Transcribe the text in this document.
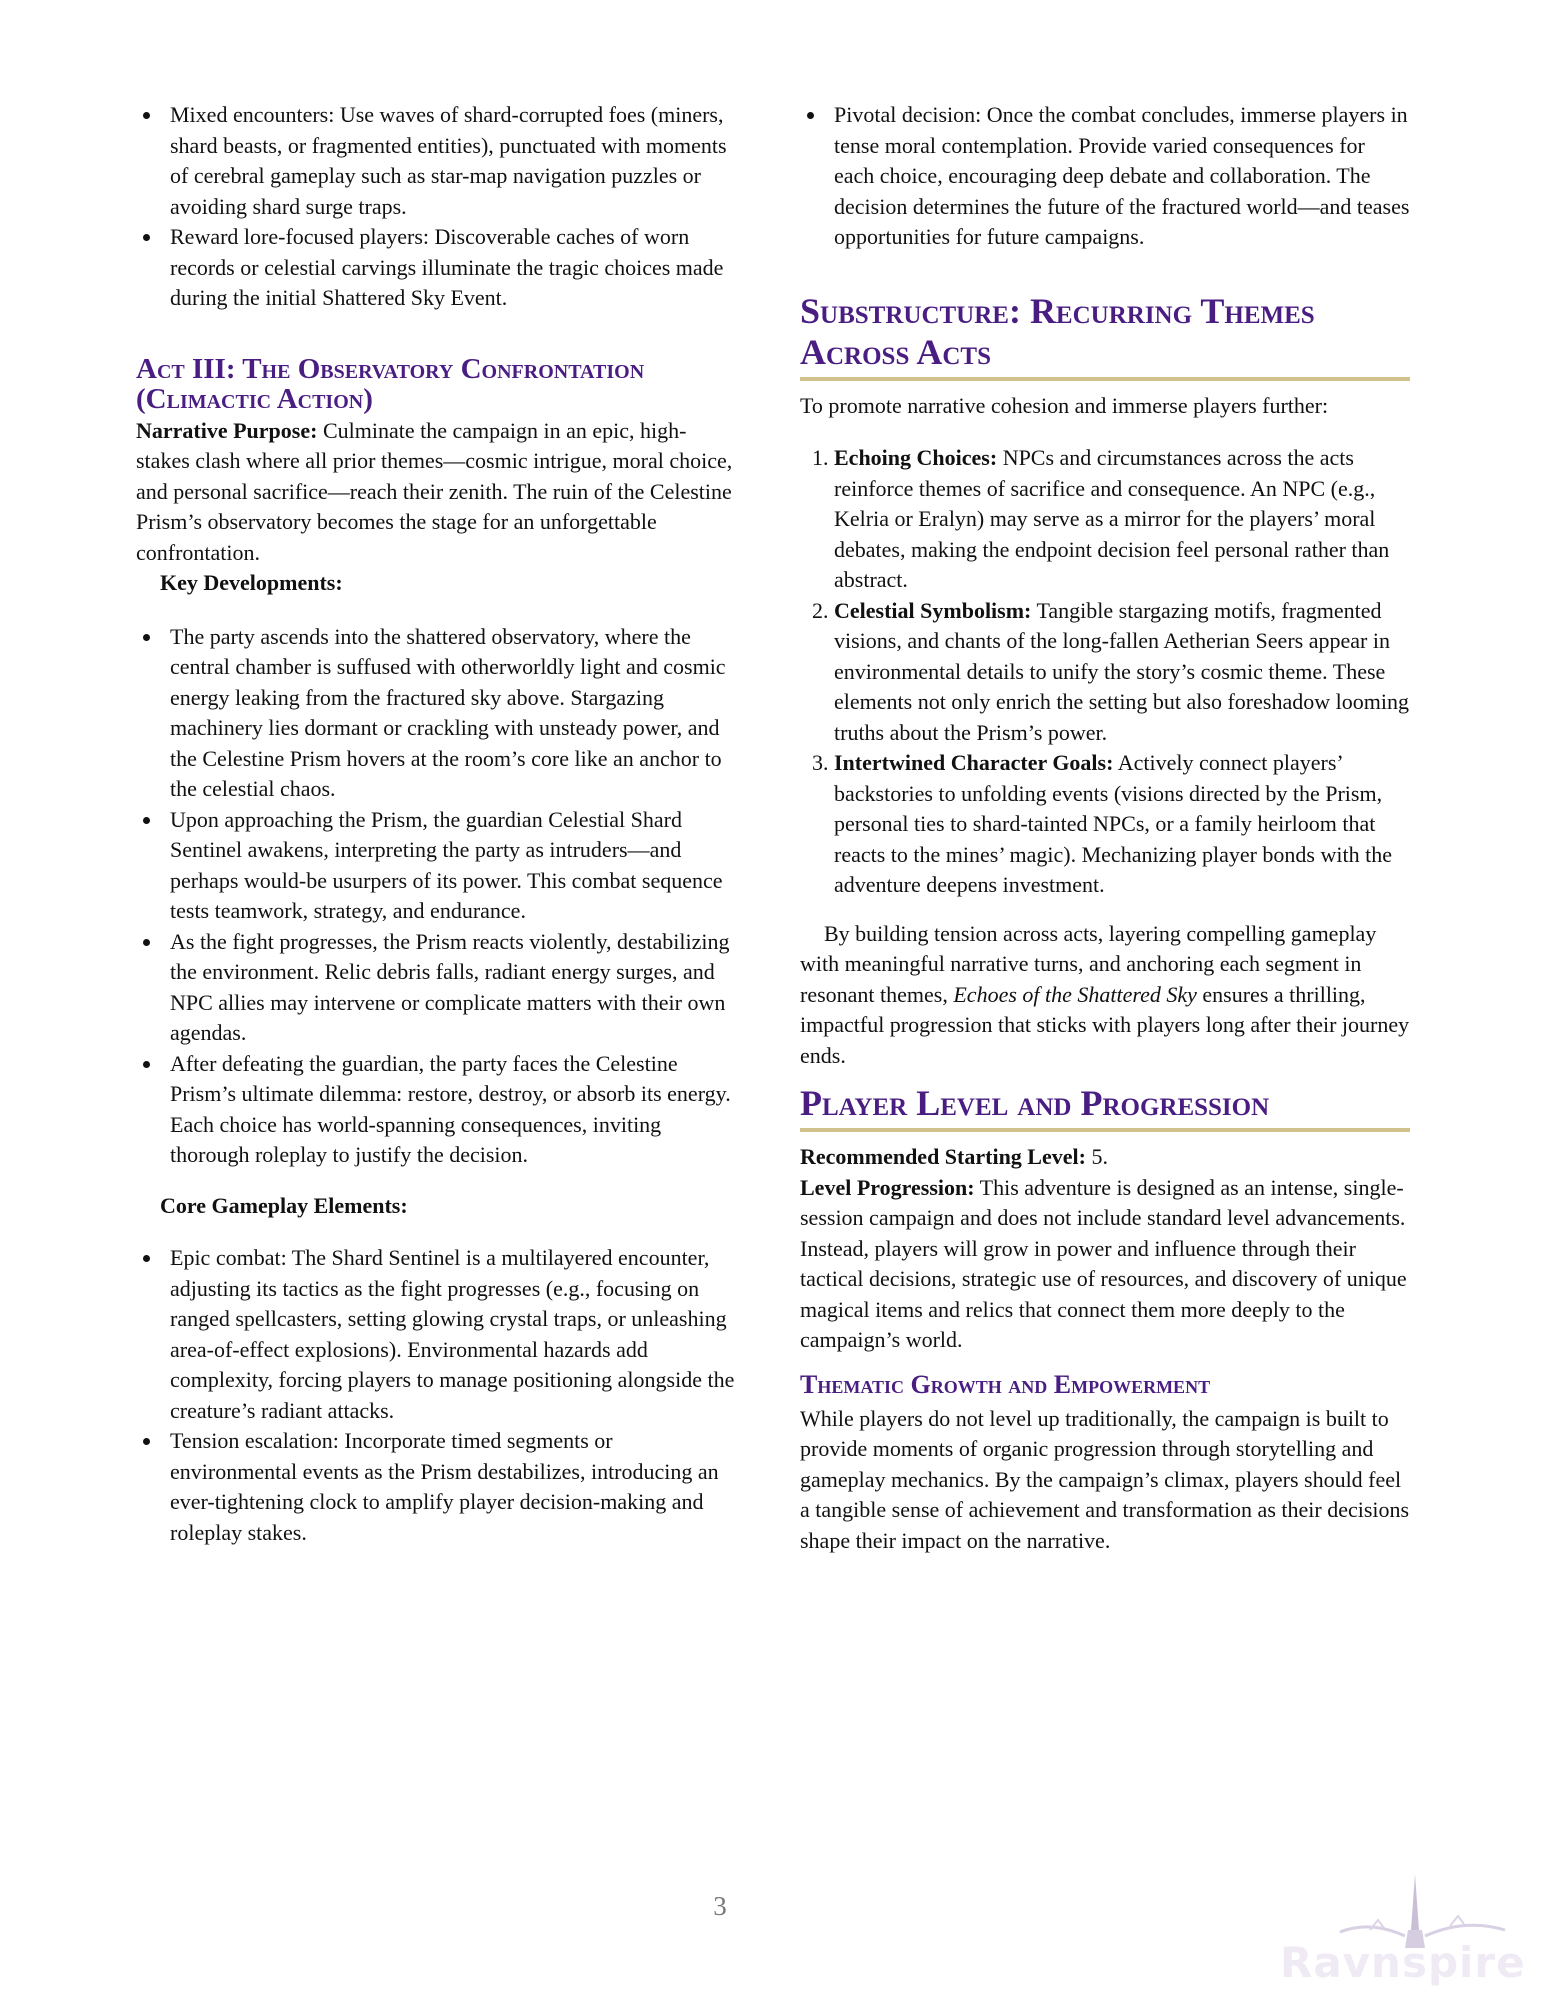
Mixed encounters: Use waves of shard-corrupted foes (miners, shard beasts, or fragmented entities), punctuated with moments of cerebral gameplay such as star-map navigation puzzles or avoiding shard surge traps.
Reward lore-focused players: Discoverable caches of worn records or celestial carvings illuminate the tragic choices made during the initial Shattered Sky Event.
Act III: The Observatory Confrontation (Climactic Action)

Narrative Purpose: Culminate the campaign in an epic, high-stakes clash where all prior themes—cosmic intrigue, moral choice, and personal sacrifice—reach their zenith. The ruin of the Celestine Prism’s observatory becomes the stage for an unforgettable confrontation.

Key Developments:

The party ascends into the shattered observatory, where the central chamber is suffused with otherworldly light and cosmic energy leaking from the fractured sky above. Stargazing machinery lies dormant or crackling with unsteady power, and the Celestine Prism hovers at the room’s core like an anchor to the celestial chaos.
Upon approaching the Prism, the guardian Celestial Shard Sentinel awakens, interpreting the party as intruders—and perhaps would-be usurpers of its power. This combat sequence tests teamwork, strategy, and endurance.
As the fight progresses, the Prism reacts violently, destabilizing the environment. Relic debris falls, radiant energy surges, and NPC allies may intervene or complicate matters with their own agendas.
After defeating the guardian, the party faces the Celestine Prism’s ultimate dilemma: restore, destroy, or absorb its energy. Each choice has world-spanning consequences, inviting thorough roleplay to justify the decision.

Core Gameplay Elements:

Epic combat: The Shard Sentinel is a multilayered encounter, adjusting its tactics as the fight progresses (e.g., focusing on ranged spellcasters, setting glowing crystal traps, or unleashing area-of-effect explosions). Environmental hazards add complexity, forcing players to manage positioning alongside the creature’s radiant attacks.
Tension escalation: Incorporate timed segments or environmental events as the Prism destabilizes, introducing an ever-tightening clock to amplify player decision-making and roleplay stakes.
Pivotal decision: Once the combat concludes, immerse players in tense moral contemplation. Provide varied consequences for each choice, encouraging deep debate and collaboration. The decision determines the future of the fractured world—and teases opportunities for future campaigns.
Substructure: Recurring Themes Across Acts

To promote narrative cohesion and immerse players further:

1. Echoing Choices: NPCs and circumstances across the acts reinforce themes of sacrifice and consequence. An NPC (e.g., Kelria or Eralyn) may serve as a mirror for the players’ moral debates, making the endpoint decision feel personal rather than abstract.
2. Celestial Symbolism: Tangible stargazing motifs, fragmented visions, and chants of the long-fallen Aetherian Seers appear in environmental details to unify the story’s cosmic theme. These elements not only enrich the setting but also foreshadow looming truths about the Prism’s power.
3. Intertwined Character Goals: Actively connect players’ backstories to unfolding events (visions directed by the Prism, personal ties to shard-tainted NPCs, or a family heirloom that reacts to the mines’ magic). Mechanizing player bonds with the adventure deepens investment.

By building tension across acts, layering compelling gameplay with meaningful narrative turns, and anchoring each segment in resonant themes, Echoes of the Shattered Sky ensures a thrilling, impactful progression that sticks with players long after their journey ends.

Player Level and Progression

Recommended Starting Level: 5.

Level Progression: This adventure is designed as an intense, single-session campaign and does not include standard level advancements. Instead, players will grow in power and influence through their tactical decisions, strategic use of resources, and discovery of unique magical items and relics that connect them more deeply to the campaign’s world.

Thematic Growth and Empowerment

While players do not level up traditionally, the campaign is built to provide moments of organic progression through storytelling and gameplay mechanics. By the campaign’s climax, players should feel a tangible sense of achievement and transformation as their decisions shape their impact on the narrative.

3
Ravnspire
